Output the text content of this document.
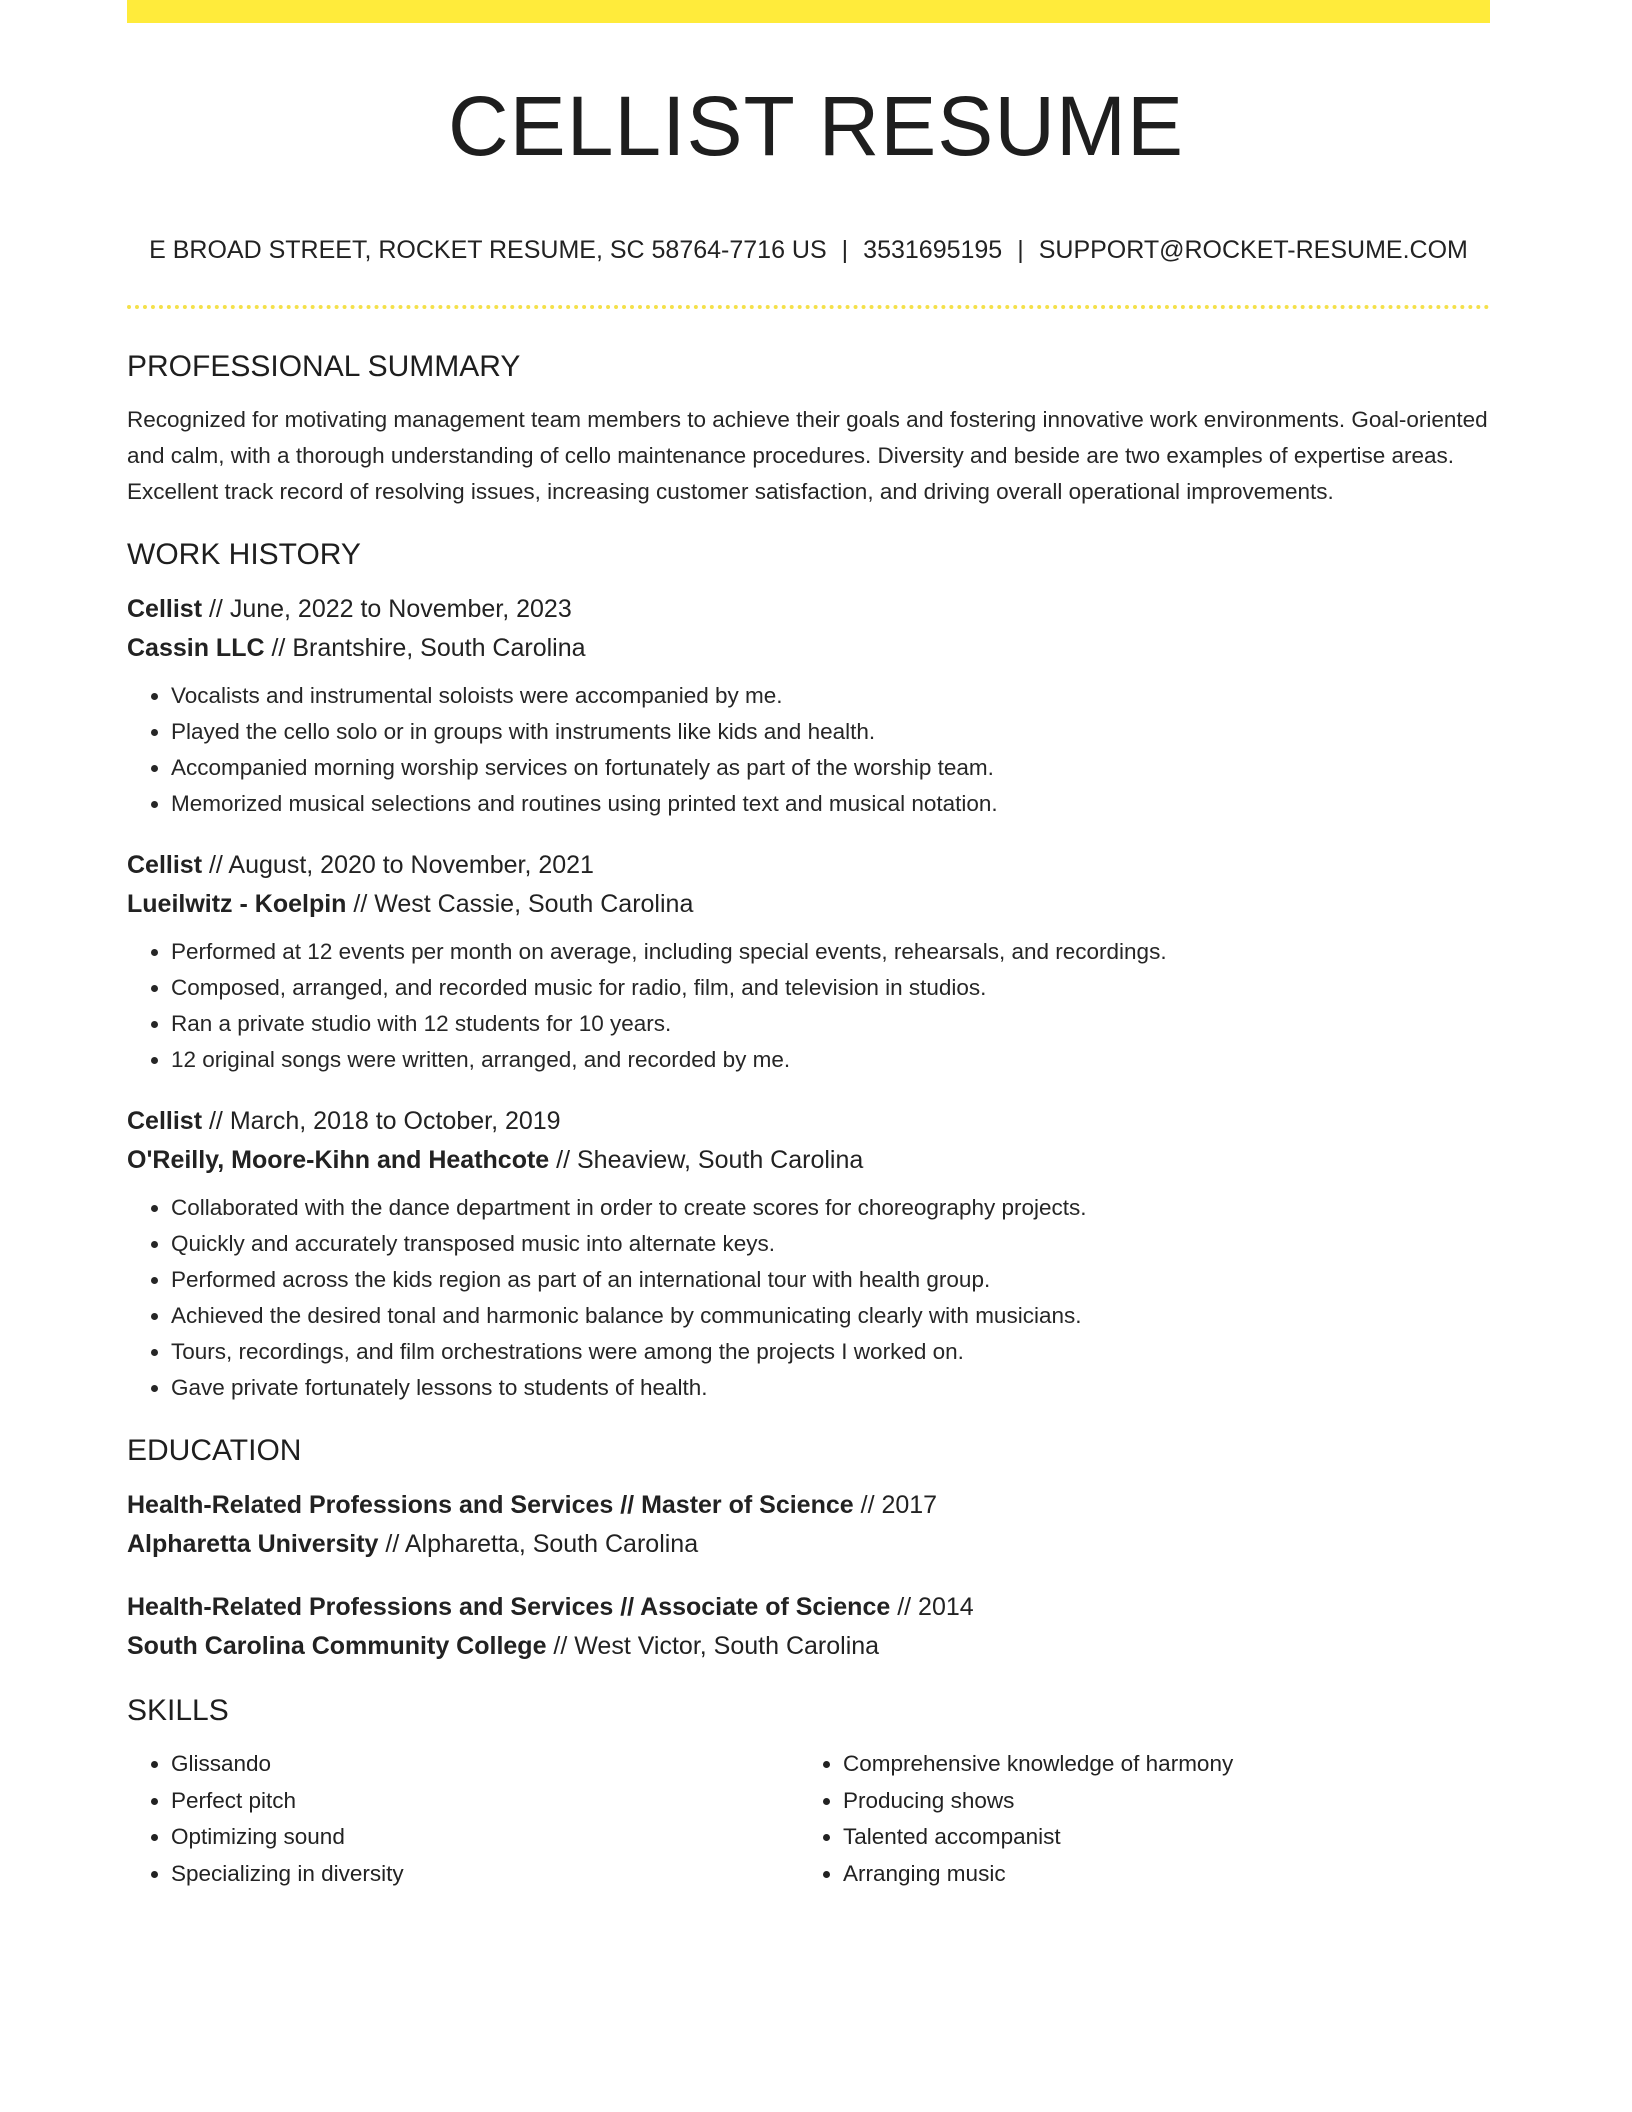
CELLIST RESUME
E BROAD STREET, ROCKET RESUME, SC 58764-7716 US | 3531695195 | SUPPORT@ROCKET-RESUME.COM
PROFESSIONAL SUMMARY

Recognized for motivating management team members to achieve their goals and fostering innovative work environments. Goal-oriented and calm, with a thorough understanding of cello maintenance procedures. Diversity and beside are two examples of expertise areas. Excellent track record of resolving issues, increasing customer satisfaction, and driving overall operational improvements.

WORK HISTORY
Cellist // June, 2022 to November, 2023
Cassin LLC // Brantshire, South Carolina
• Vocalists and instrumental soloists were accompanied by me.
• Played the cello solo or in groups with instruments like kids and health.
• Accompanied morning worship services on fortunately as part of the worship team.
• Memorized musical selections and routines using printed text and musical notation.
Cellist // August, 2020 to November, 2021
Lueilwitz - Koelpin // West Cassie, South Carolina
• Performed at 12 events per month on average, including special events, rehearsals, and recordings.
• Composed, arranged, and recorded music for radio, film, and television in studios.
• Ran a private studio with 12 students for 10 years.
• 12 original songs were written, arranged, and recorded by me.
Cellist // March, 2018 to October, 2019
O'Reilly, Moore-Kihn and Heathcote // Sheaview, South Carolina
• Collaborated with the dance department in order to create scores for choreography projects.
• Quickly and accurately transposed music into alternate keys.
• Performed across the kids region as part of an international tour with health group.
• Achieved the desired tonal and harmonic balance by communicating clearly with musicians.
• Tours, recordings, and film orchestrations were among the projects I worked on.
• Gave private fortunately lessons to students of health.
EDUCATION
Health-Related Professions and Services // Master of Science // 2017
Alpharetta University // Alpharetta, South Carolina
Health-Related Professions and Services // Associate of Science // 2014
South Carolina Community College // West Victor, South Carolina
SKILLS
• Glissando
• Perfect pitch
• Optimizing sound
• Specializing in diversity
• Comprehensive knowledge of harmony
• Producing shows
• Talented accompanist
• Arranging music
